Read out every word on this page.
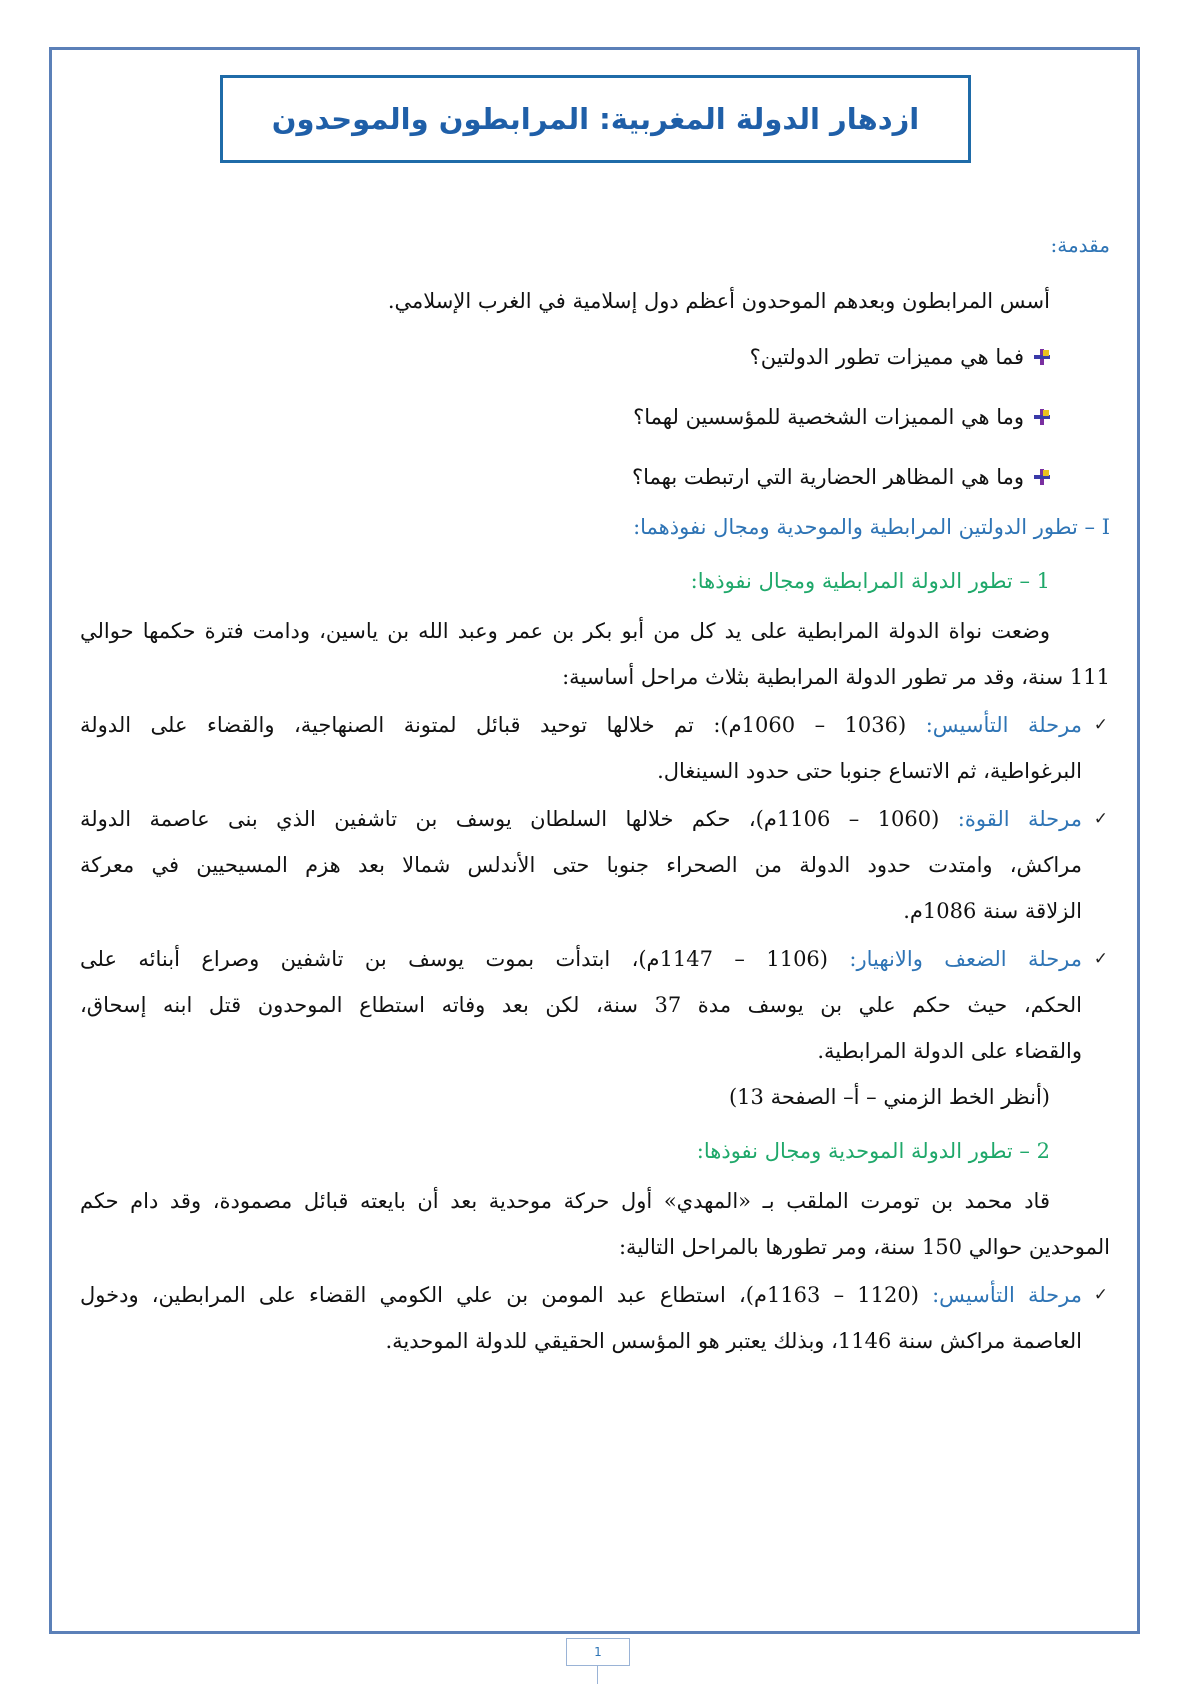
ازدهار الدولة المغربية: المرابطون والموحدون

مقدمة:

أسس المرابطون وبعدهم الموحدون أعظم دول إسلامية في الغرب الإسلامي.

فما هي مميزات تطور الدولتين؟
وما هي المميزات الشخصية للمؤسسين لهما؟
وما هي المظاهر الحضارية التي ارتبطت بهما؟

I – تطور الدولتين المرابطية والموحدية ومجال نفوذهما:

1 – تطور الدولة المرابطية ومجال نفوذها:

وضعت نواة الدولة المرابطية على يد كل من أبو بكر بن عمر وعبد الله بن ياسين، ودامت فترة حكمها حوالي

111 سنة، وقد مر تطور الدولة المرابطية بثلاث مراحل أساسية:

✓

مرحلة التأسيس: (1036 – 1060م): تم خلالها توحيد قبائل لمتونة الصنهاجية، والقضاء على الدولة

البرغواطية، ثم الاتساع جنوبا حتى حدود السينغال.

✓

مرحلة القوة: (1060 – 1106م)، حكم خلالها السلطان يوسف بن تاشفين الذي بنى عاصمة الدولة

مراكش، وامتدت حدود الدولة من الصحراء جنوبا حتى الأندلس شمالا بعد هزم المسيحيين في معركة

الزلاقة سنة 1086م.

✓

مرحلة الضعف والانهيار: (1106 – 1147م)، ابتدأت بموت يوسف بن تاشفين وصراع أبنائه على

الحكم، حيث حكم علي بن يوسف مدة 37 سنة، لكن بعد وفاته استطاع الموحدون قتل ابنه إسحاق،

والقضاء على الدولة المرابطية.

(أنظر الخط الزمني – أ– الصفحة 13)

2 – تطور الدولة الموحدية ومجال نفوذها:

قاد محمد بن تومرت الملقب بـ «المهدي» أول حركة موحدية بعد أن بايعته قبائل مصمودة، وقد دام حكم

الموحدين حوالي 150 سنة، ومر تطورها بالمراحل التالية:

✓

مرحلة التأسيس: (1120 – 1163م)، استطاع عبد المومن بن علي الكومي القضاء على المرابطين، ودخول

العاصمة مراكش سنة 1146، وبذلك يعتبر هو المؤسس الحقيقي للدولة الموحدية.

1
